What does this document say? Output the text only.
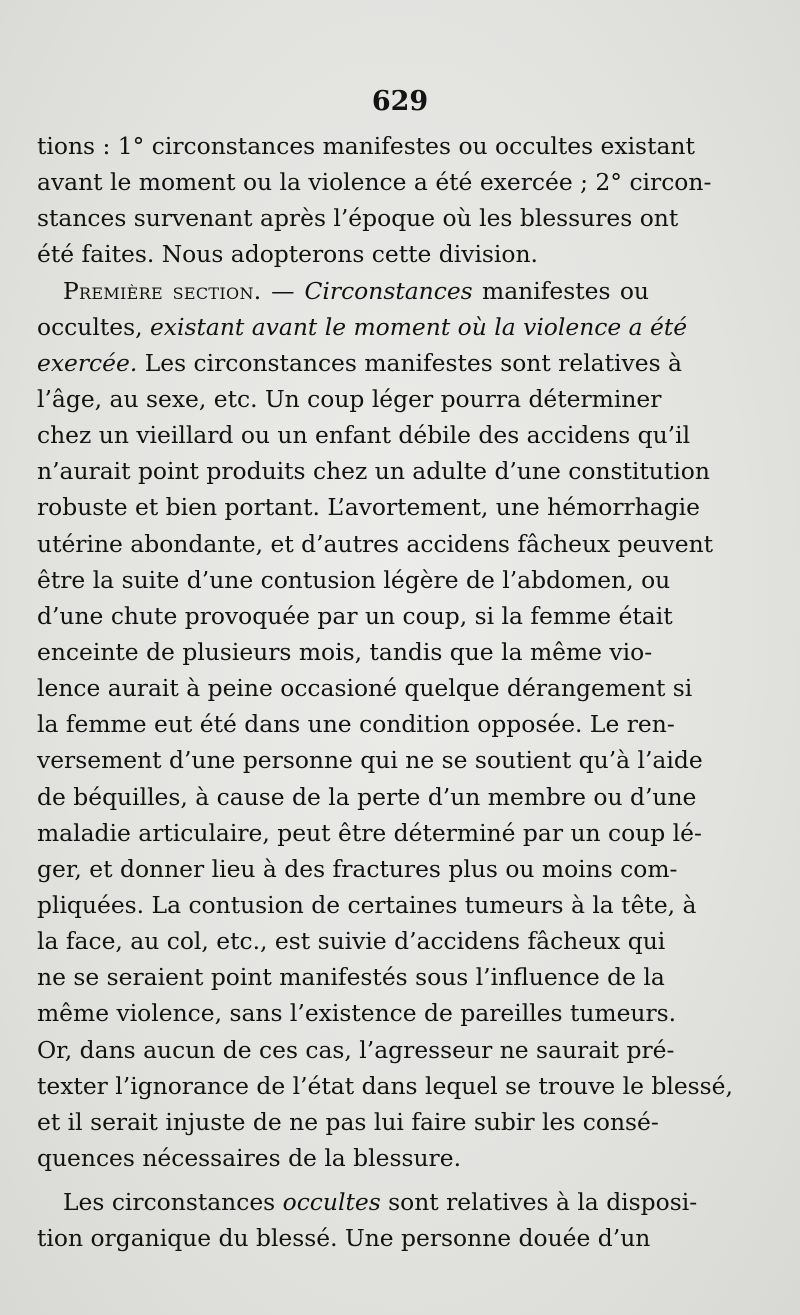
629
tions : 1° circonstances manifestes ou occultes existant
avant le moment ou la violence a été exercée ; 2° circon-
stances survenant après l’époque où les blessures ont
été faites. Nous adopterons cette division.
Première section. — Circonstances manifestes ou
occultes, existant avant le moment où la violence a été
exercée. Les circonstances manifestes sont relatives à
l’âge, au sexe, etc. Un coup léger pourra déterminer
chez un vieillard ou un enfant débile des accidens qu’il
n’aurait point produits chez un adulte d’une constitution
robuste et bien portant. L’avortement, une hémorrhagie
utérine abondante, et d’autres accidens fâcheux peuvent
être la suite d’une contusion légère de l’abdomen, ou
d’une chute provoquée par un coup, si la femme était
enceinte de plusieurs mois, tandis que la même vio-
lence aurait à peine occasioné quelque dérangement si
la femme eut été dans une condition opposée. Le ren-
versement d’une personne qui ne se soutient qu’à l’aide
de béquilles, à cause de la perte d’un membre ou d’une
maladie articulaire, peut être déterminé par un coup lé-
ger, et donner lieu à des fractures plus ou moins com-
pliquées. La contusion de certaines tumeurs à la tête, à
la face, au col, etc., est suivie d’accidens fâcheux qui
ne se seraient point manifestés sous l’influence de la
même violence, sans l’existence de pareilles tumeurs.
Or, dans aucun de ces cas, l’agresseur ne saurait pré-
texter l’ignorance de l’état dans lequel se trouve le blessé,
et il serait injuste de ne pas lui faire subir les consé-
quences nécessaires de la blessure.
Les circonstances occultes sont relatives à la disposi-
tion organique du blessé. Une personne douée d’un
